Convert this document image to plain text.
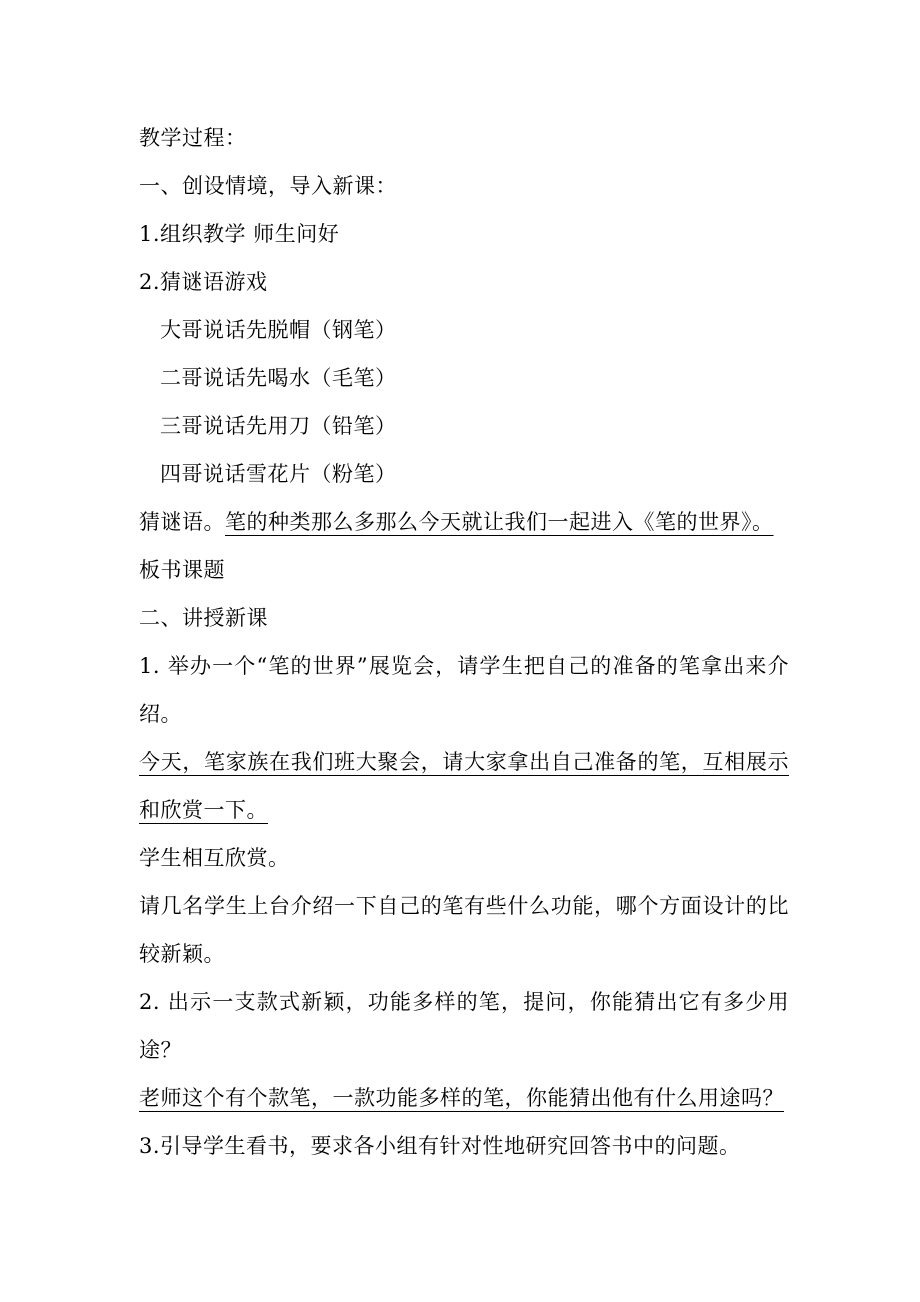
教学过程：
一、创设情境，导入新课：
1.组织教学 师生问好
2.猜谜语游戏
大哥说话先脱帽（钢笔）
二哥说话先喝水（毛笔）
三哥说话先用刀（铅笔）
四哥说话雪花片（粉笔）
猜谜语。笔的种类那么多那么今天就让我们一起进入《笔的世界》。
板书课题
二、讲授新课
1. 举办一个“笔的世界”展览会，请学生把自己的准备的笔拿出来介绍。
今天，笔家族在我们班大聚会，请大家拿出自己准备的笔，互相展示和欣赏一下。
学生相互欣赏。
请几名学生上台介绍一下自己的笔有些什么功能，哪个方面设计的比较新颖。
2. 出示一支款式新颖，功能多样的笔，提问，你能猜出它有多少用途？
老师这个有个款笔，一款功能多样的笔，你能猜出他有什么用途吗？
3.引导学生看书，要求各小组有针对性地研究回答书中的问题。
